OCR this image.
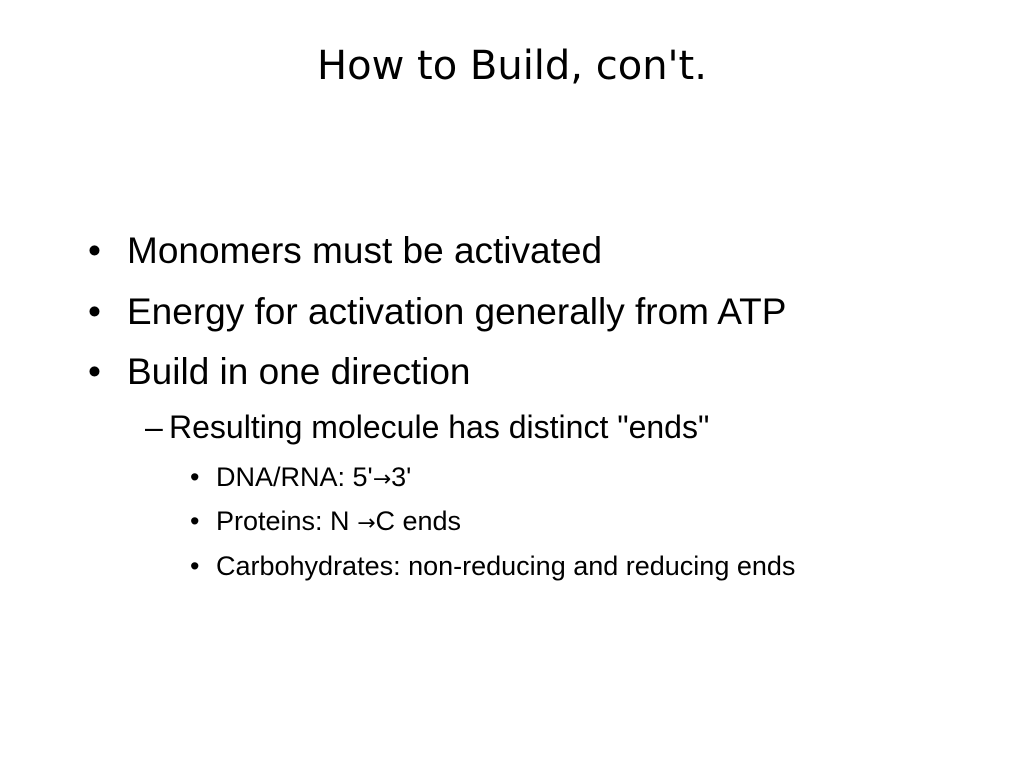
How to Build, con't.
• Monomers must be activated
• Energy for activation generally from ATP
• Build in one direction
– Resulting molecule has distinct "ends"
• DNA/RNA: 5'→3'
• Proteins: N →C ends
• Carbohydrates: non-reducing and reducing ends
